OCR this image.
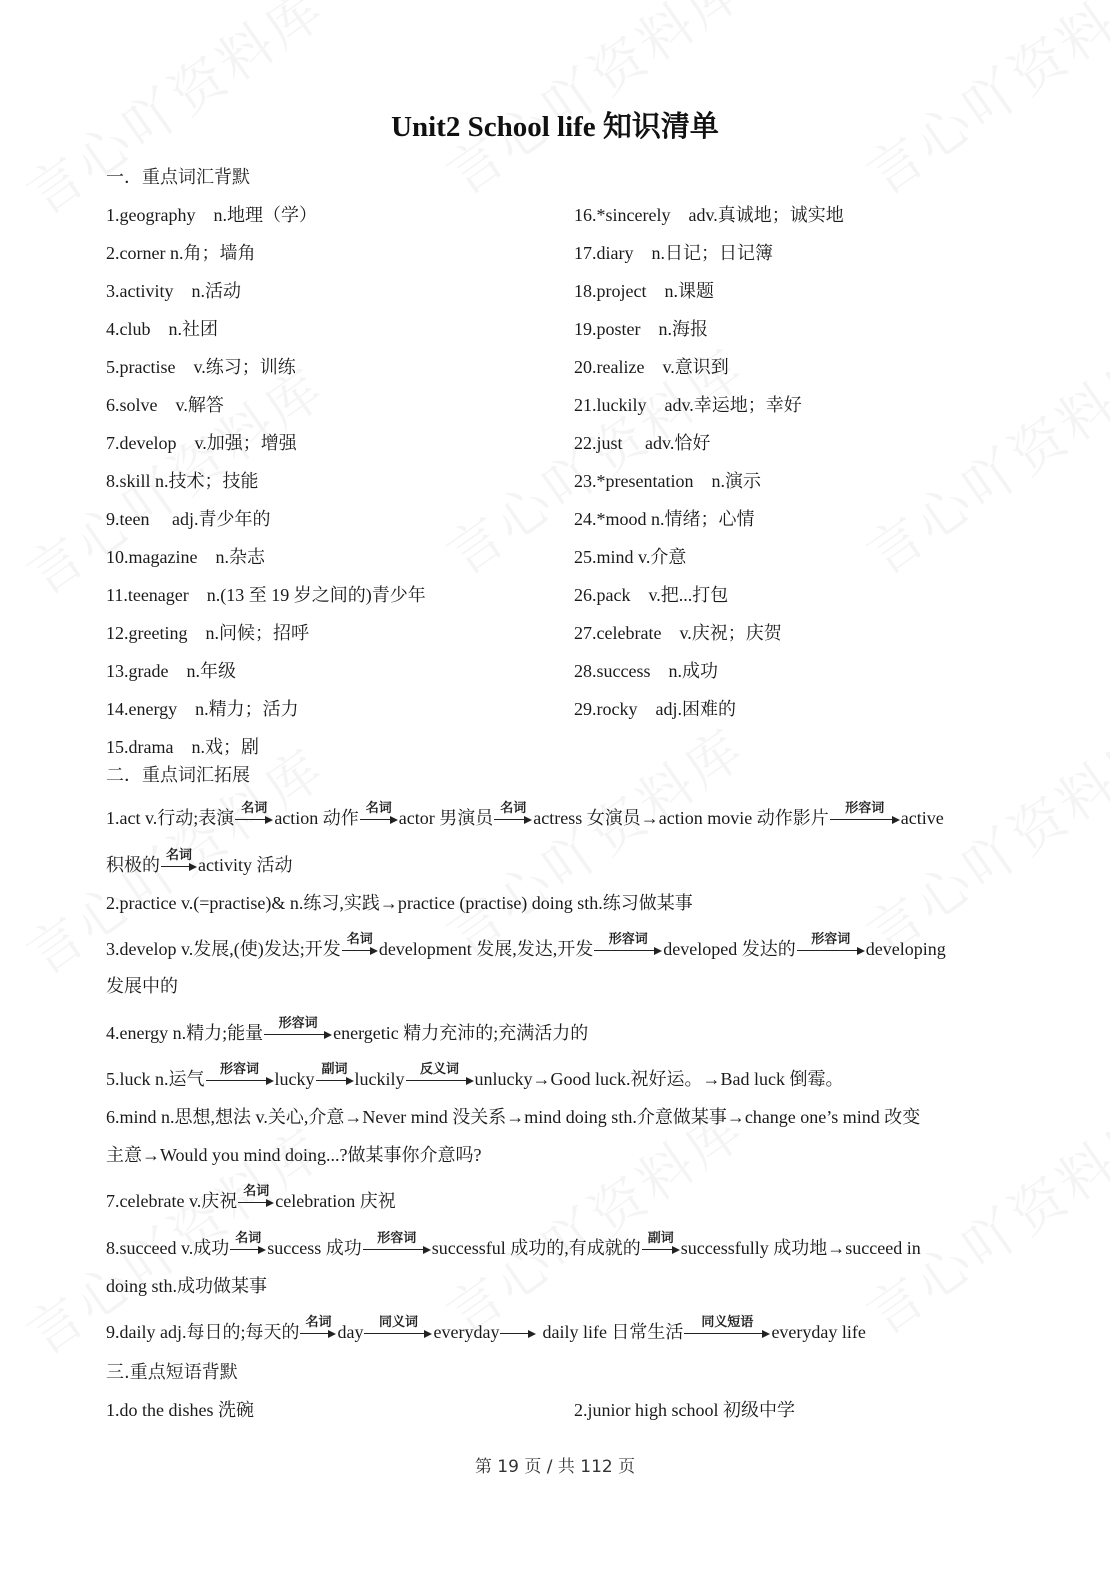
Unit2 School life 知识清单
一．重点词汇背默
1.geography　n.地理（学）
2.corner n.角；墙角
3.activity　n.活动
4.club　n.社团
5.practise　v.练习；训练
6.solve　v.解答
7.develop　v.加强；增强
8.skill n.技术；技能
9.teen　 adj.青少年的
10.magazine　n.杂志
11.teenager　n.(13 至 19 岁之间的)青少年
12.greeting　n.问候；招呼
13.grade　n.年级
14.energy　n.精力；活力
15.drama　n.戏；剧
16.*sincerely　adv.真诚地；诚实地
17.diary　n.日记；日记簿
18.project　n.课题
19.poster　n.海报
20.realize　v.意识到
21.luckily　adv.幸运地；幸好
22.just　 adv.恰好
23.*presentation　n.演示
24.*mood n.情绪；心情
25.mind v.介意
26.pack　v.把...打包
27.celebrate　v.庆祝；庆贺
28.success　n.成功
29.rocky　adj.困难的
二．重点词汇拓展
1.act v.行动;表演 名词 action 动作 名词 actor 男演员 名词 actress 女演员→action movie 动作影片	形容词 active
积极的 名词 activity 活动
2.practice v.(=practise)& n.练习,实践→practice (practise) doing sth.练习做某事
3.develop v.发展,(使)发达;开发 名词 development 发展,发达,开发	形容词 developed 发达的	形容词 developing
发展中的
4.energy n.精力;能量	形容词 energetic 精力充沛的;充满活力的
5.luck n.运气	形容词 lucky 副词 luckily	反义词 unlucky→Good luck.祝好运。→Bad luck 倒霉。
6.mind n.思想,想法 v.关心,介意→Never mind 没关系→mind doing sth.介意做某事→change one’s mind 改变
主意→Would you mind doing...?做某事你介意吗?
7.celebrate v.庆祝 名词 celebration 庆祝
8.succeed v.成功 名词 success 成功	形容词 successful 成功的,有成就的 副词 successfully 成功地→succeed in
doing sth.成功做某事
9.daily adj.每日的;每天的 名词 day	同义词 everyday daily life 日常生活	同义短语	everyday life
三.重点短语背默
1.do the dishes 洗碗	2.junior high school 初级中学
第 19 页 / 共 112 页
